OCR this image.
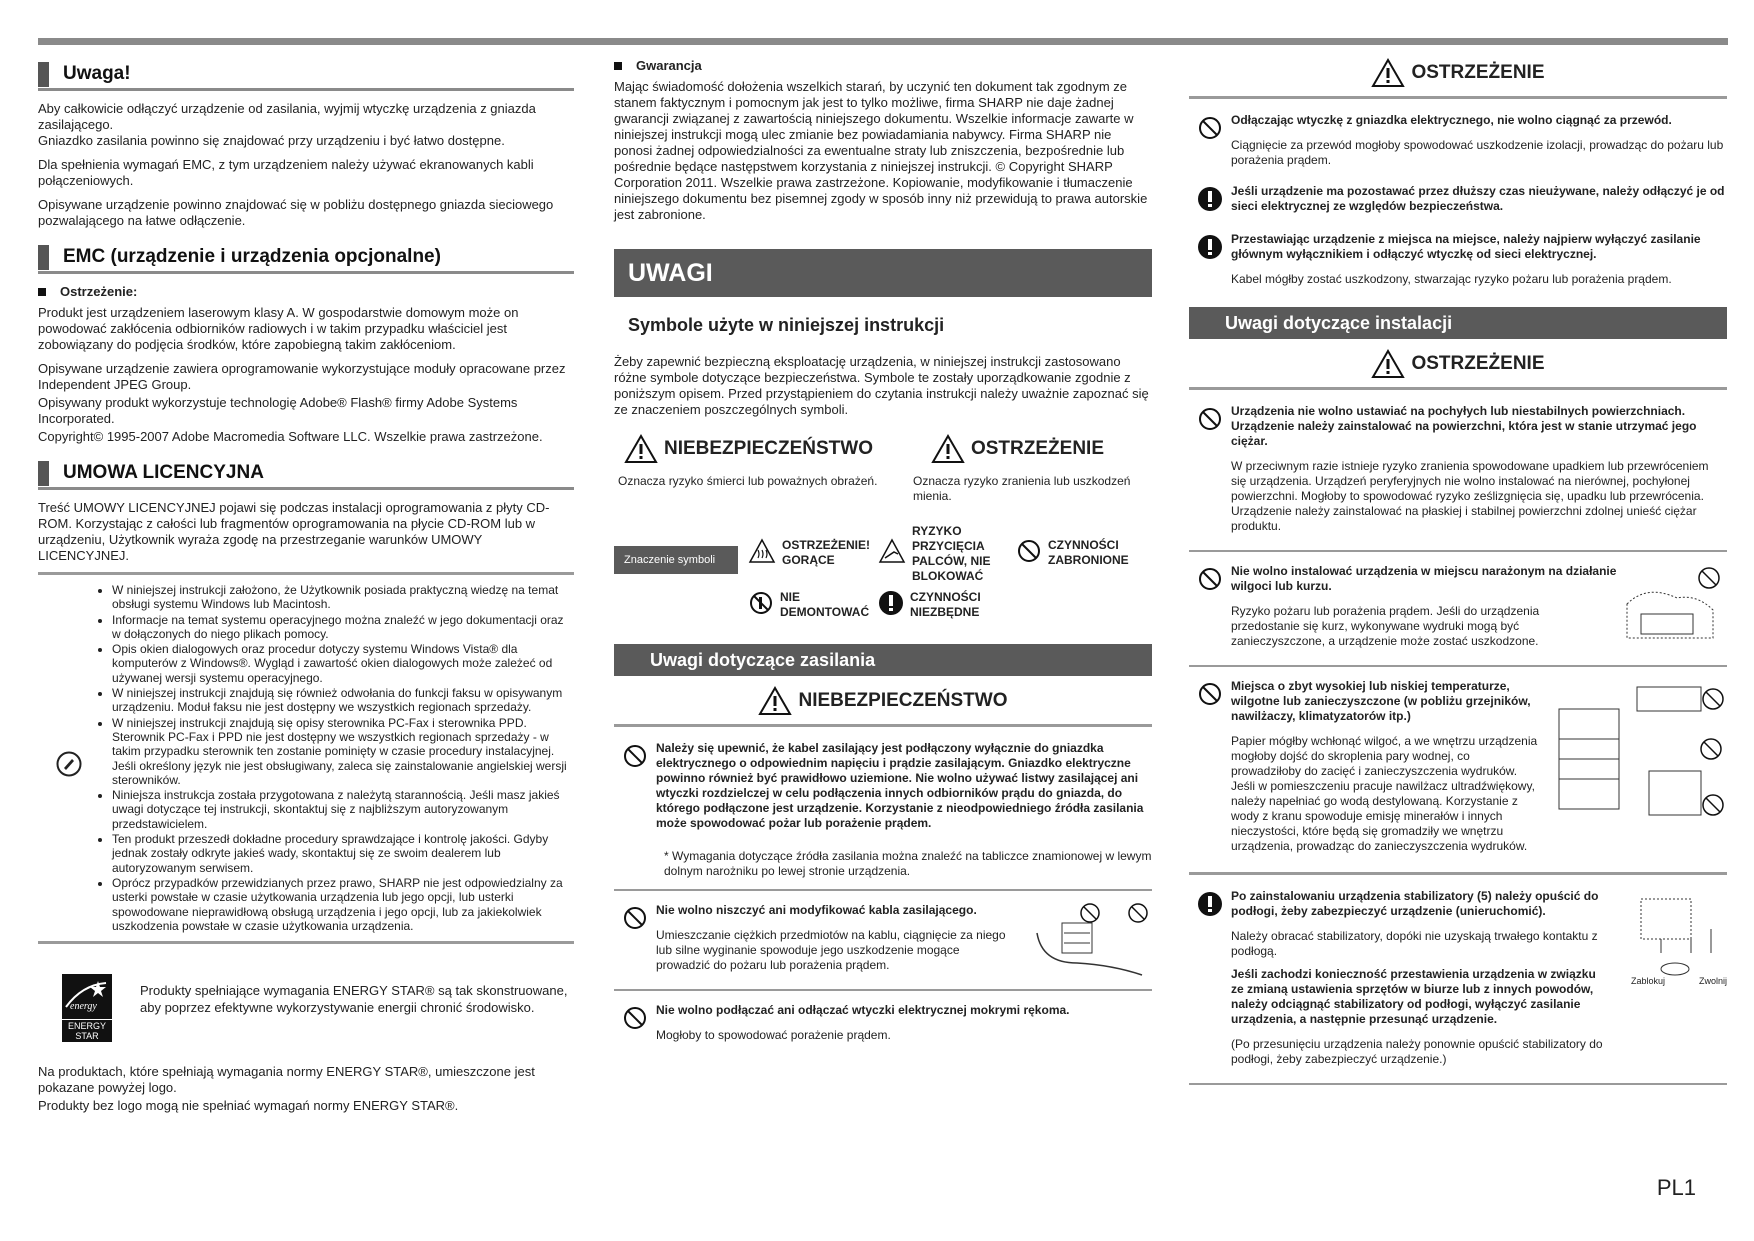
Uwaga!

Aby całkowicie odłączyć urządzenie od zasilania, wyjmij wtyczkę urządzenia z gniazda zasilającego.
Gniazdko zasilania powinno się znajdować przy urządzeniu i być łatwo dostępne.

Dla spełnienia wymagań EMC, z tym urządzeniem należy używać ekranowanych kabli połączeniowych.

Opisywane urządzenie powinno znajdować się w pobliżu dostępnego gniazda sieciowego pozwalającego na łatwe odłączenie.

EMC (urządzenie i urządzenia opcjonalne)
Ostrzeżenie:

Produkt jest urządzeniem laserowym klasy A. W gospodarstwie domowym może on powodować zakłócenia odbiorników radiowych i w takim przypadku właściciel jest zobowiązany do podjęcia środków, które zapobiegną takim zakłóceniom.

Opisywane urządzenie zawiera oprogramowanie wykorzystujące moduły opracowane przez Independent JPEG Group.

Opisywany produkt wykorzystuje technologię Adobe® Flash® firmy Adobe Systems Incorporated.

Copyright© 1995-2007 Adobe Macromedia Software LLC. Wszelkie prawa zastrzeżone.

UMOWA LICENCYJNA

Treść UMOWY LICENCYJNEJ pojawi się podczas instalacji oprogramowania z płyty CD-ROM. Korzystając z całości lub fragmentów oprogramowania na płycie CD-ROM lub w urządzeniu, Użytkownik wyraża zgodę na przestrzeganie warunków UMOWY LICENCYJNEJ.

• W niniejszej instrukcji założono, że Użytkownik posiada praktyczną wiedzę na temat obsługi systemu Windows lub Macintosh.
• Informacje na temat systemu operacyjnego można znaleźć w jego dokumentacji oraz w dołączonych do niego plikach pomocy.
• Opis okien dialogowych oraz procedur dotyczy systemu Windows Vista® dla komputerów z Windows®. Wygląd i zawartość okien dialogowych może zależeć od używanej wersji systemu operacyjnego.
• W niniejszej instrukcji znajdują się również odwołania do funkcji faksu w opisywanym urządzeniu. Moduł faksu nie jest dostępny we wszystkich regionach sprzedaży.
• W niniejszej instrukcji znajdują się opisy sterownika PC-Fax i sterownika PPD. Sterownik PC-Fax i PPD nie jest dostępny we wszystkich regionach sprzedaży - w takim przypadku sterownik ten zostanie pominięty w czasie procedury instalacyjnej. Jeśli określony język nie jest obsługiwany, zaleca się zainstalowanie angielskiej wersji sterowników.
• Niniejsza instrukcja została przygotowana z należytą starannością. Jeśli masz jakieś uwagi dotyczące tej instrukcji, skontaktuj się z najbliższym autoryzowanym przedstawicielem.
• Ten produkt przeszedł dokładne procedury sprawdzające i kontrolę jakości. Gdyby jednak zostały odkryte jakieś wady, skontaktuj się ze swoim dealerem lub autoryzowanym serwisem.
• Oprócz przypadków przewidzianych przez prawo, SHARP nie jest odpowiedzialny za usterki powstałe w czasie użytkowania urządzenia lub jego opcji, lub usterki spowodowane nieprawidłową obsługą urządzenia i jego opcji, lub za jakiekolwiek uszkodzenia powstałe w czasie użytkowania urządzenia.
energy
ENERGY STAR
Produkty spełniające wymagania ENERGY STAR® są tak skonstruowane, aby poprzez efektywne wykorzystywanie energii chronić środowisko.

Na produktach, które spełniają wymagania normy ENERGY STAR®, umieszczone jest pokazane powyżej logo.

Produkty bez logo mogą nie spełniać wymagań normy ENERGY STAR®.

Gwarancja

Mając świadomość dołożenia wszelkich starań, by uczynić ten dokument tak zgodnym ze stanem faktycznym i pomocnym jak jest to tylko możliwe, firma SHARP nie daje żadnej gwarancji związanej z zawartością niniejszego dokumentu. Wszelkie informacje zawarte w niniejszej instrukcji mogą ulec zmianie bez powiadamiania nabywcy. Firma SHARP nie ponosi żadnej odpowiedzialności za ewentualne straty lub zniszczenia, bezpośrednie lub pośrednie będące następstwem korzystania z niniejszej instrukcji. © Copyright SHARP Corporation 2011. Wszelkie prawa zastrzeżone. Kopiowanie, modyfikowanie i tłumaczenie niniejszego dokumentu bez pisemnej zgody w sposób inny niż przewidują to prawa autorskie jest zabronione.

UWAGI
Symbole użyte w niniejszej instrukcji

Żeby zapewnić bezpieczną eksploatację urządzenia, w niniejszej instrukcji zastosowano różne symbole dotyczące bezpieczeństwa. Symbole te zostały uporządkowanie zgodnie z poniższym opisem. Przed przystąpieniem do czytania instrukcji należy uważnie zapoznać się ze znaczeniem poszczególnych symboli.

NIEBEZPIECZEŃSTWO
Oznacza ryzyko śmierci lub poważnych obrażeń.
OSTRZEŻENIE
Oznacza ryzyko zranienia lub uszkodzeń mienia.
Znaczenie symboli
OSTRZEŻENIE! GORĄCE
RYZYKO PRZYCIĘCIA PALCÓW, NIE BLOKOWAĆ
CZYNNOŚCI ZABRONIONE
NIE DEMONTOWAĆ
CZYNNOŚCI NIEZBĘDNE
Uwagi dotyczące zasilania
NIEBEZPIECZEŃSTWO
Należy się upewnić, że kabel zasilający jest podłączony wyłącznie do gniazdka elektrycznego o odpowiednim napięciu i prądzie zasilającym. Gniazdko elektryczne powinno również być prawidłowo uziemione. Nie wolno używać listwy zasilającej ani wtyczki rozdzielczej w celu podłączenia innych odbiorników prądu do gniazda, do którego podłączone jest urządzenie. Korzystanie z nieodpowiedniego źródła zasilania może spowodować pożar lub porażenie prądem.
* Wymagania dotyczące źródła zasilania można znaleźć na tabliczce znamionowej w lewym dolnym narożniku po lewej stronie urządzenia.
Nie wolno niszczyć ani modyfikować kabla zasilającego.
Umieszczanie ciężkich przedmiotów na kablu, ciągnięcie za niego lub silne wyginanie spowoduje jego uszkodzenie mogące prowadzić do pożaru lub porażenia prądem.
Nie wolno podłączać ani odłączać wtyczki elektrycznej mokrymi rękoma.
Mogłoby to spowodować porażenie prądem.
OSTRZEŻENIE
Odłączając wtyczkę z gniazdka elektrycznego, nie wolno ciągnąć za przewód.
Ciągnięcie za przewód mogłoby spowodować uszkodzenie izolacji, prowadząc do pożaru lub porażenia prądem.
Jeśli urządzenie ma pozostawać przez dłuższy czas nieużywane, należy odłączyć je od sieci elektrycznej ze względów bezpieczeństwa.
Przestawiając urządzenie z miejsca na miejsce, należy najpierw wyłączyć zasilanie głównym wyłącznikiem i odłączyć wtyczkę od sieci elektrycznej.
Kabel mógłby zostać uszkodzony, stwarzając ryzyko pożaru lub porażenia prądem.
Uwagi dotyczące instalacji
OSTRZEŻENIE
Urządzenia nie wolno ustawiać na pochyłych lub niestabilnych powierzchniach. Urządzenie należy zainstalować na powierzchni, która jest w stanie utrzymać jego ciężar.
W przeciwnym razie istnieje ryzyko zranienia spowodowane upadkiem lub przewróceniem się urządzenia. Urządzeń peryferyjnych nie wolno instalować na nierównej, pochyłonej powierzchni. Mogłoby to spowodować ryzyko ześlizgnięcia się, upadku lub przewrócenia. Urządzenie należy zainstalować na płaskiej i stabilnej powierzchni zdolnej unieść ciężar produktu.
Nie wolno instalować urządzenia w miejscu narażonym na działanie wilgoci lub kurzu.
Ryzyko pożaru lub porażenia prądem. Jeśli do urządzenia przedostanie się kurz, wykonywane wydruki mogą być zanieczyszczone, a urządzenie może zostać uszkodzone.
Miejsca o zbyt wysokiej lub niskiej temperaturze, wilgotne lub zanieczyszczone (w pobliżu grzejników, nawilżaczy, klimatyzatorów itp.)
Papier mógłby wchłonąć wilgoć, a we wnętrzu urządzenia mogłoby dojść do skroplenia pary wodnej, co prowadziłoby do zacięć i zanieczyszczenia wydruków. Jeśli w pomieszczeniu pracuje nawilżacz ultradźwiękowy, należy napełniać go wodą destylowaną. Korzystanie z wody z kranu spowoduje emisję minerałów i innych nieczystości, które będą się gromadziły we wnętrzu urządzenia, prowadząc do zanieczyszczenia wydruków.
Po zainstalowaniu urządzenia stabilizatory (5) należy opuścić do podłogi, żeby zabezpieczyć urządzenie (unieruchomić).
Należy obracać stabilizatory, dopóki nie uzyskają trwałego kontaktu z podłogą.
Jeśli zachodzi konieczność przestawienia urządzenia w związku ze zmianą ustawienia sprzętów w biurze lub z innych powodów, należy odciągnąć stabilizatory od podłogi, wyłączyć zasilanie urządzenia, a następnie przesunąć urządzenie.
(Po przesunięciu urządzenia należy ponownie opuścić stabilizatory do podłogi, żeby zabezpieczyć urządzenie.)
Zablokuj	Zwolnij
PL1
